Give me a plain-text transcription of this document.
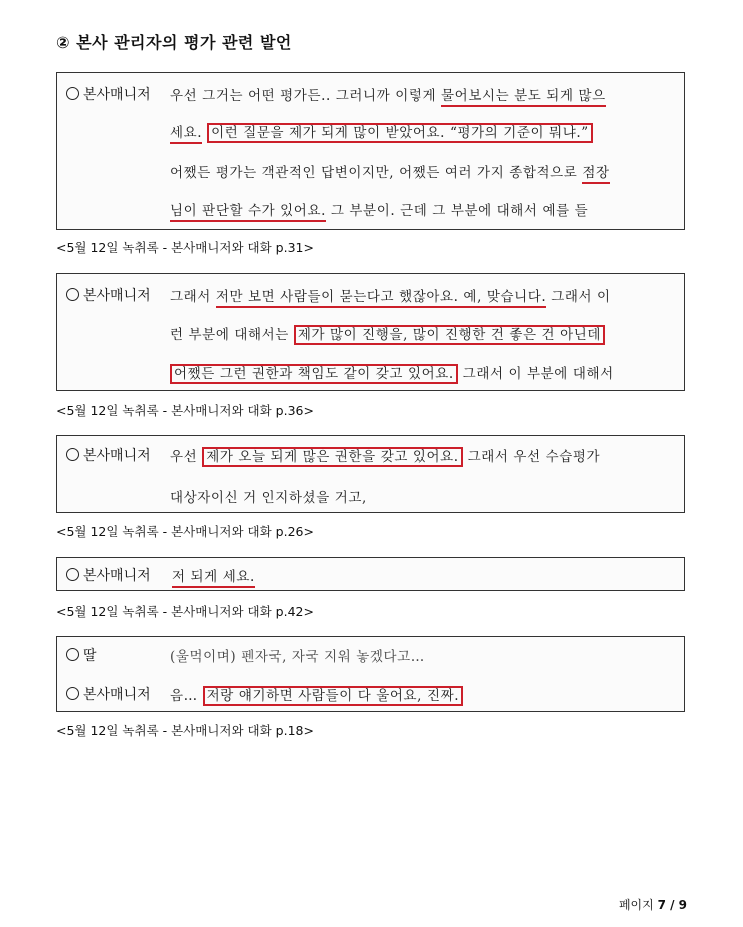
② 본사 관리자의 평가 관련 발언
본사매니저 우선 그거는 어떤 평가든.. 그러니까 이렇게 물어보시는 분도 되게 많으
세요. 이런 질문을 제가 되게 많이 받았어요. “평가의 기준이 뭐냐.”
어쨌든 평가는 객관적인 답변이지만, 어쨌든 여러 가지 종합적으로 점장
님이 판단할 수가 있어요. 그 부분이. 근데 그 부분에 대해서 예를 들
<5월 12일 녹취록 - 본사매니저와 대화 p.31>
본사매니저 그래서 저만 보면 사람들이 묻는다고 했잖아요. 예, 맞습니다. 그래서 이
런 부분에 대해서는 제가 많이 진행을, 많이 진행한 건 좋은 건 아닌데
어쨌든 그런 권한과 책임도 같이 갖고 있어요. 그래서 이 부분에 대해서
<5월 12일 녹취록 - 본사매니저와 대화 p.36>
본사매니저 우선 제가 오늘 되게 많은 권한을 갖고 있어요. 그래서 우선 수습평가
대상자이신 거 인지하셨을 거고,
<5월 12일 녹취록 - 본사매니저와 대화 p.26>
본사매니저 저 되게 세요.
<5월 12일 녹취록 - 본사매니저와 대화 p.42>
딸	(울먹이며) 펜자국, 자국 지워 놓겠다고…
본사매니저 음… 저랑 얘기하면 사람들이 다 울어요, 진짜.
<5월 12일 녹취록 - 본사매니저와 대화 p.18>
페이지 7 / 9
